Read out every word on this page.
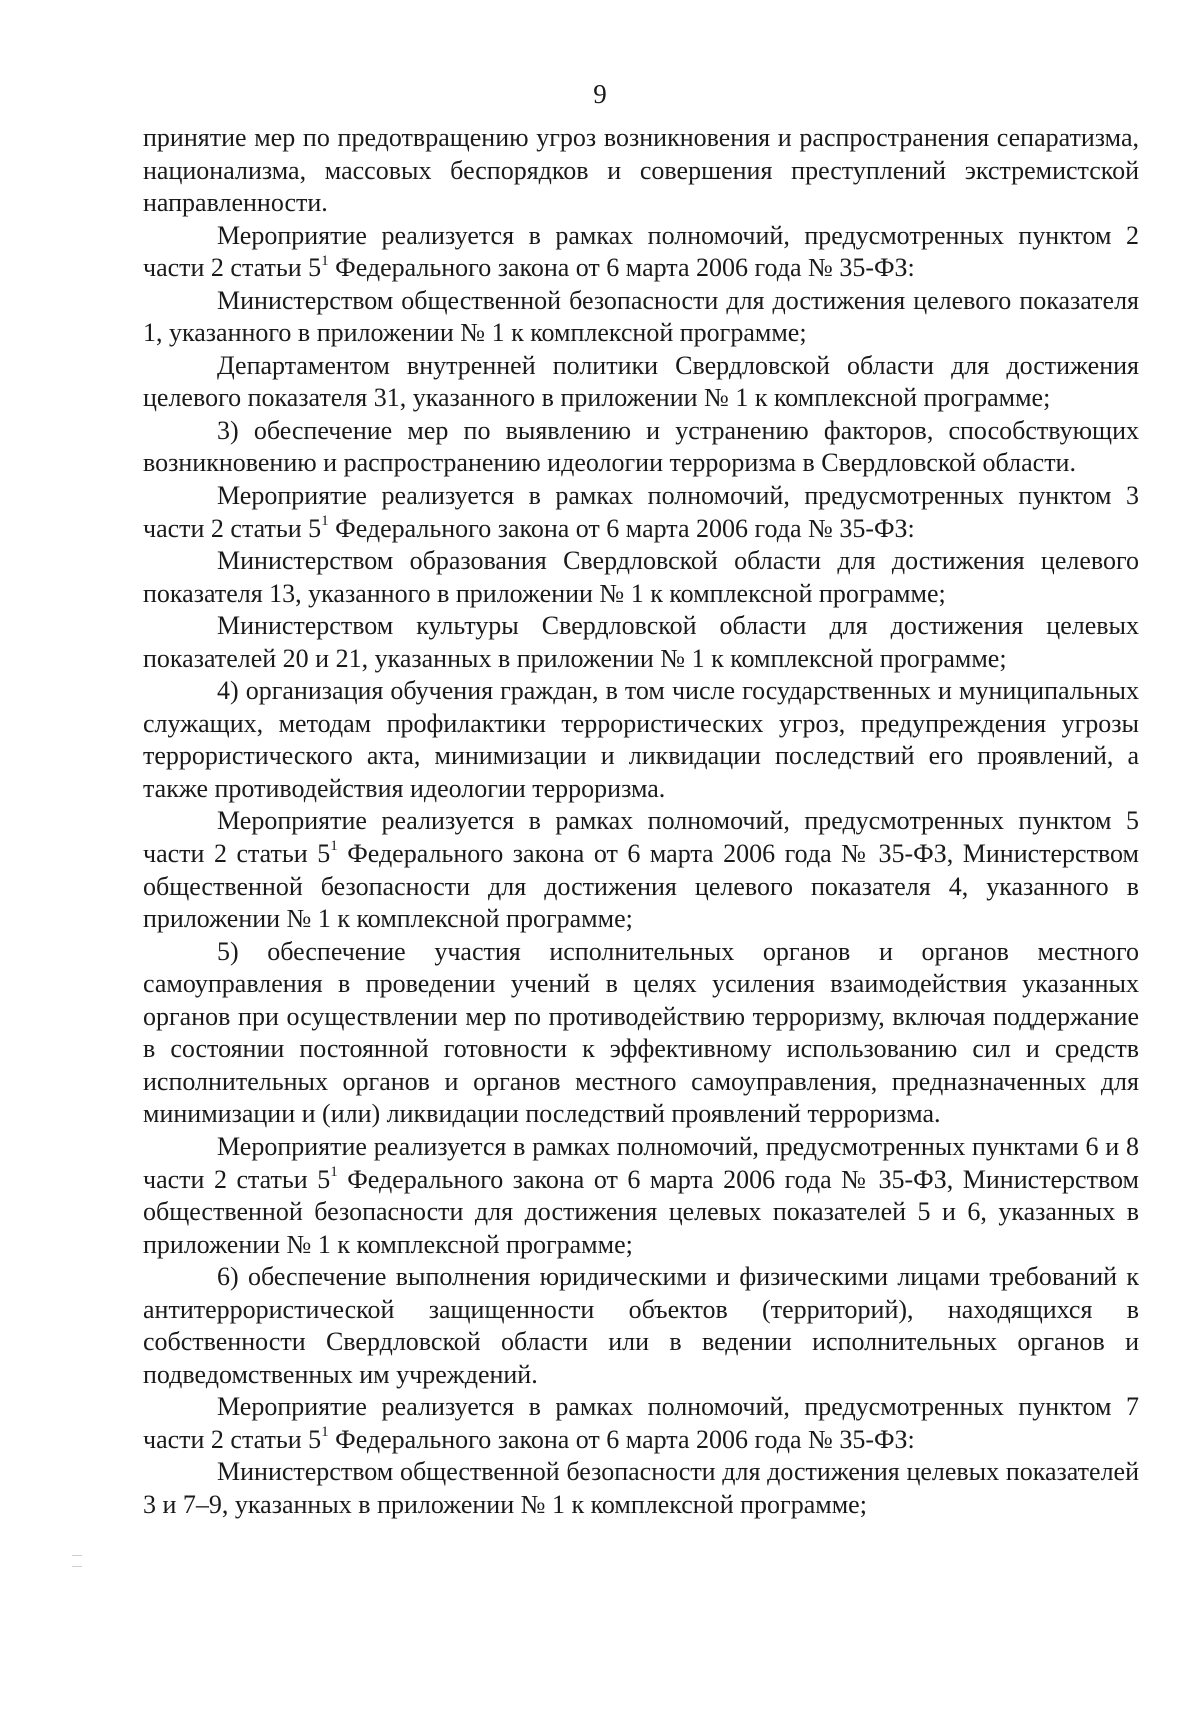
9

принятие мер по предотвращению угроз возникновения и распространения сепаратизма, национализма, массовых беспорядков и совершения преступлений экстремистской направленности.

Мероприятие реализуется в рамках полномочий, предусмотренных пунктом 2 части 2 статьи $5^1$ Федерального закона от 6 марта 2006 года № 35-ФЗ:

Министерством общественной безопасности для достижения целевого показателя 1, указанного в приложении № 1 к комплексной программе;

Департаментом внутренней политики Свердловской области для достижения целевого показателя 31, указанного в приложении № 1 к комплексной программе;

3) обеспечение мер по выявлению и устранению факторов, способствующих возникновению и распространению идеологии терроризма в Свердловской области.

Мероприятие реализуется в рамках полномочий, предусмотренных пунктом 3 части 2 статьи $5^1$ Федерального закона от 6 марта 2006 года № 35-ФЗ:

Министерством образования Свердловской области для достижения целевого показателя 13, указанного в приложении № 1 к комплексной программе;

Министерством культуры Свердловской области для достижения целевых показателей 20 и 21, указанных в приложении № 1 к комплексной программе;

4) организация обучения граждан, в том числе государственных и муниципальных служащих, методам профилактики террористических угроз, предупреждения угрозы террористического акта, минимизации и ликвидации последствий его проявлений, а также противодействия идеологии терроризма.

Мероприятие реализуется в рамках полномочий, предусмотренных пунктом 5 части 2 статьи $5^1$ Федерального закона от 6 марта 2006 года № 35-ФЗ, Министерством общественной безопасности для достижения целевого показателя 4, указанного в приложении № 1 к комплексной программе;

5) обеспечение участия исполнительных органов и органов местного самоуправления в проведении учений в целях усиления взаимодействия указанных органов при осуществлении мер по противодействию терроризму, включая поддержание в состоянии постоянной готовности к эффективному использованию сил и средств исполнительных органов и органов местного самоуправления, предназначенных для минимизации и (или) ликвидации последствий проявлений терроризма.

Мероприятие реализуется в рамках полномочий, предусмотренных пунктами 6 и 8 части 2 статьи $5^1$ Федерального закона от 6 марта 2006 года № 35-ФЗ, Министерством общественной безопасности для достижения целевых показателей 5 и 6, указанных в приложении № 1 к комплексной программе;

6) обеспечение выполнения юридическими и физическими лицами требований к антитеррористической защищенности объектов (территорий), находящихся в собственности Свердловской области или в ведении исполнительных органов и подведомственных им учреждений.

Мероприятие реализуется в рамках полномочий, предусмотренных пунктом 7 части 2 статьи $5^1$ Федерального закона от 6 марта 2006 года № 35-ФЗ:

Министерством общественной безопасности для достижения целевых показателей 3 и 7–9, указанных в приложении № 1 к комплексной программе;
